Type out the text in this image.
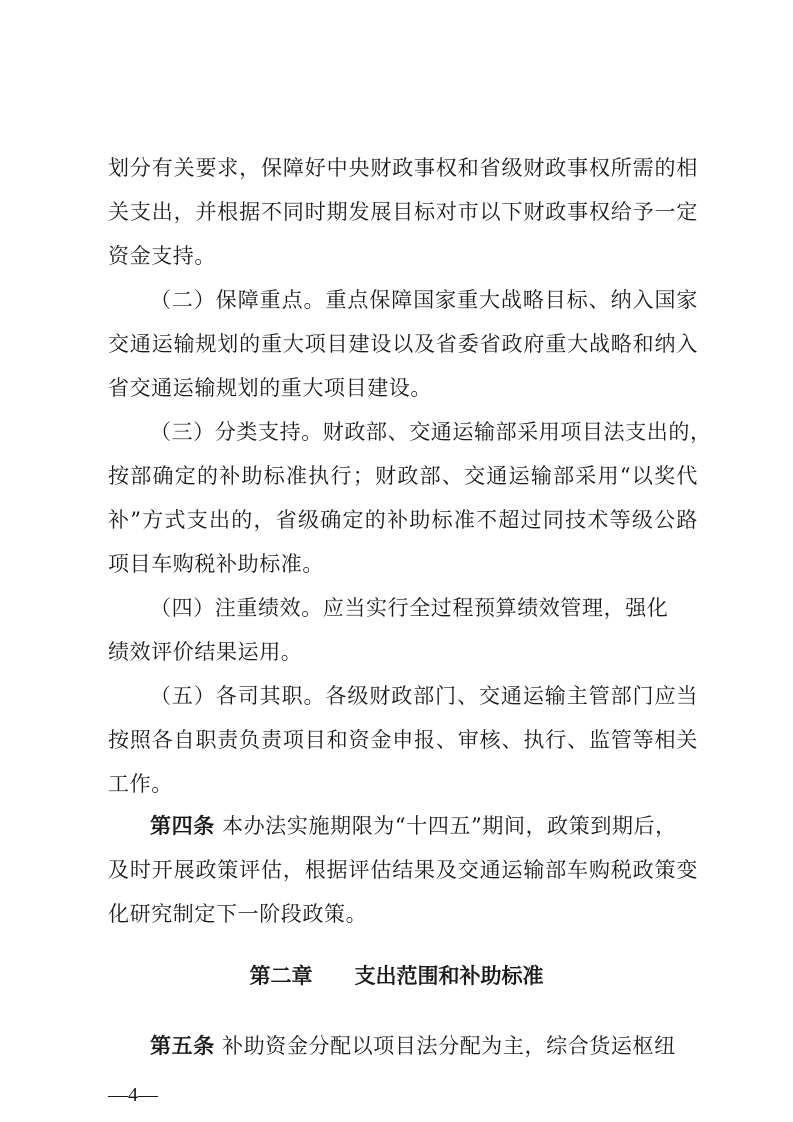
划分有关要求，保障好中央财政事权和省级财政事权所需的相
关支出，并根据不同时期发展目标对市以下财政事权给予一定
资金支持。
（二）保障重点。重点保障国家重大战略目标、纳入国家
交通运输规划的重大项目建设以及省委省政府重大战略和纳入
省交通运输规划的重大项目建设。
（三）分类支持。财政部、交通运输部采用项目法支出的，
按部确定的补助标准执行；财政部、交通运输部采用“以奖代
补”方式支出的，省级确定的补助标准不超过同技术等级公路
项目车购税补助标准。
（四）注重绩效。应当实行全过程预算绩效管理，强化
绩效评价结果运用。
（五）各司其职。各级财政部门、交通运输主管部门应当
按照各自职责负责项目和资金申报、审核、执行、监管等相关
工作。
第四条 本办法实施期限为“十四五”期间，政策到期后，
及时开展政策评估，根据评估结果及交通运输部车购税政策变
化研究制定下一阶段政策。
第二章　　支出范围和补助标准
第五条 补助资金分配以项目法分配为主，综合货运枢纽
—4—
